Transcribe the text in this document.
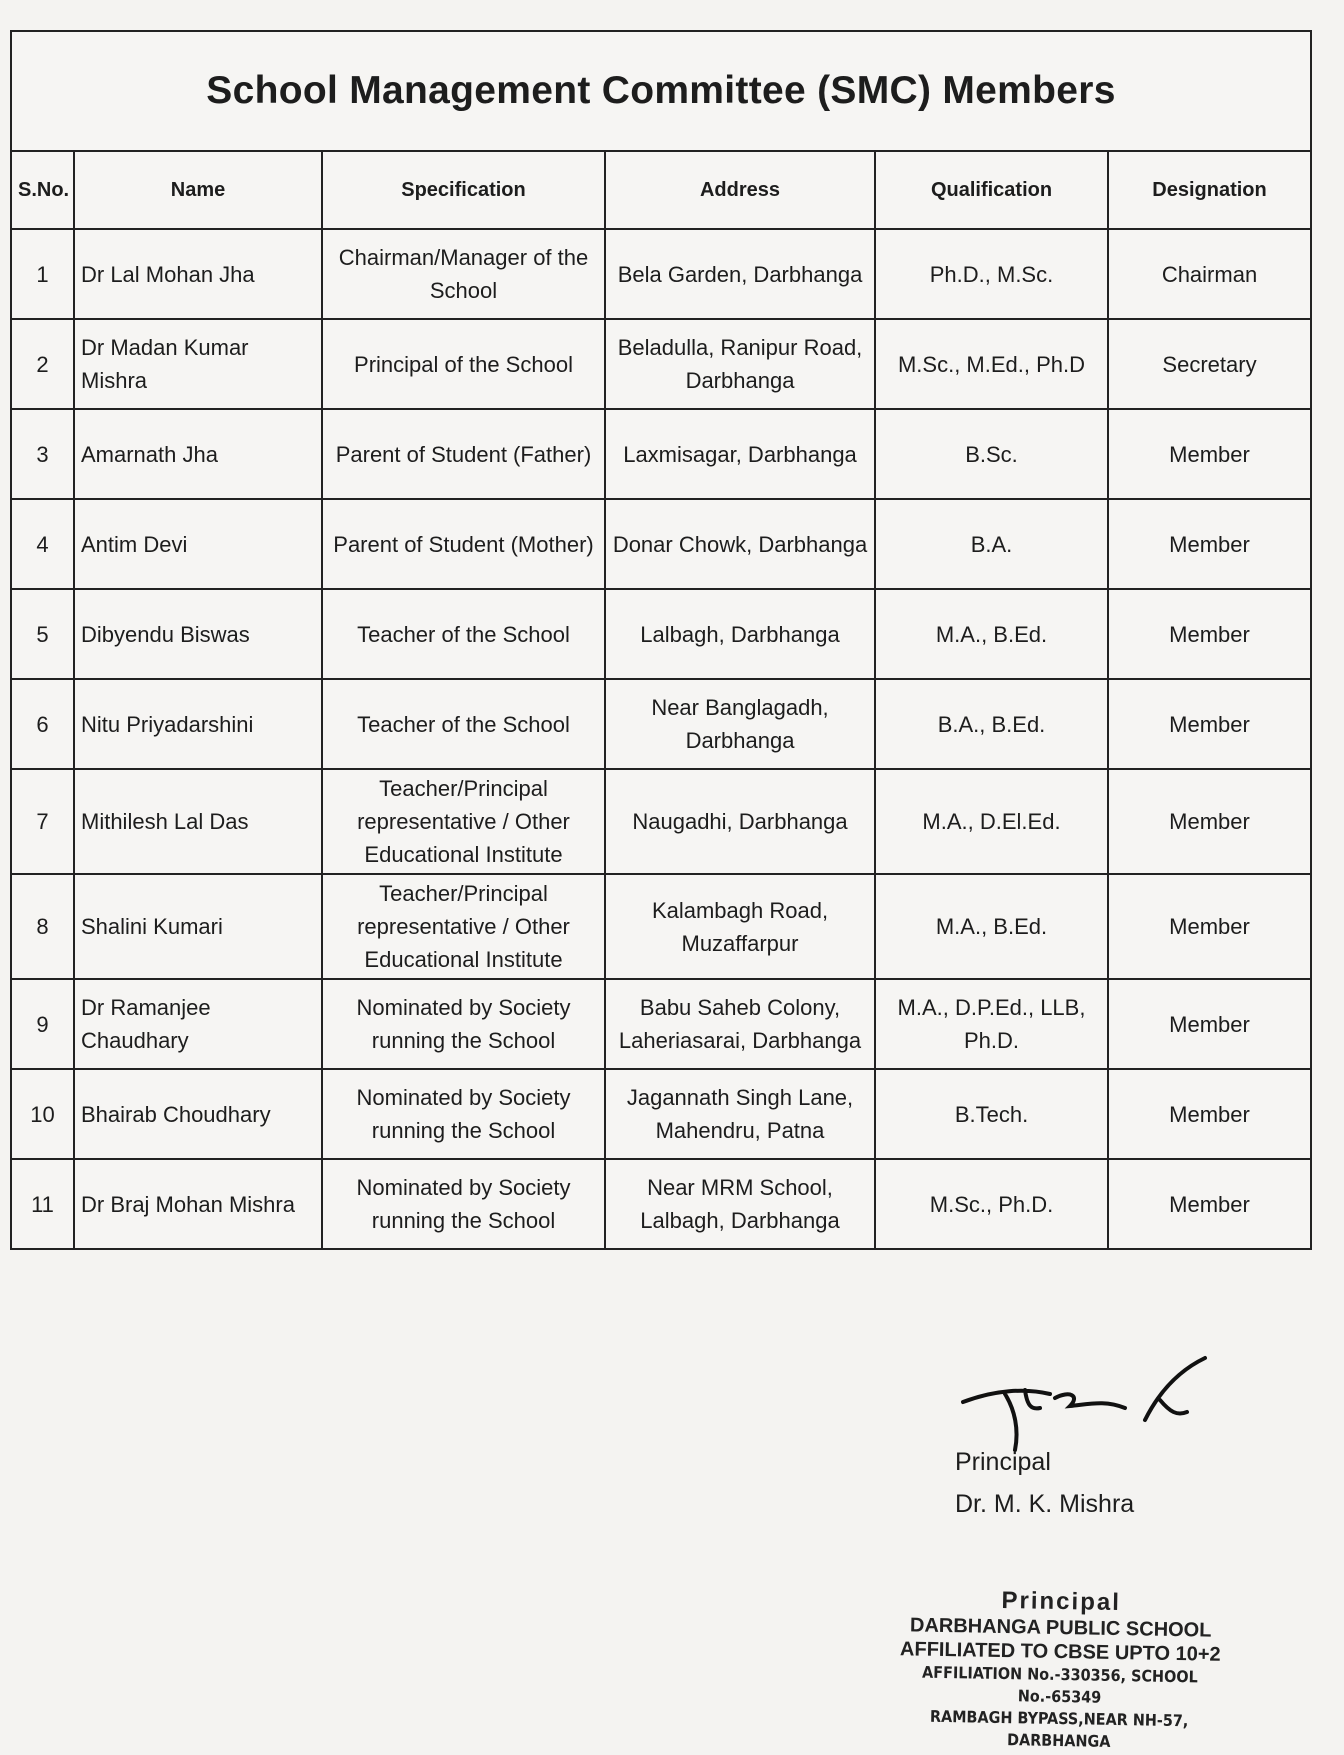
School Management Committee (SMC) Members
S.No.	Name	Specification	Address	Qualification	Designation
1	Dr Lal Mohan Jha	Chairman/Manager of the School	Bela Garden, Darbhanga	Ph.D., M.Sc.	Chairman
2	Dr Madan Kumar Mishra	Principal of the School	Beladulla, Ranipur Road, Darbhanga	M.Sc., M.Ed., Ph.D	Secretary
3	Amarnath Jha	Parent of Student (Father)	Laxmisagar, Darbhanga	B.Sc.	Member
4	Antim Devi	Parent of Student (Mother)	Donar Chowk, Darbhanga	B.A.	Member
5	Dibyendu Biswas	Teacher of the School	Lalbagh, Darbhanga	M.A., B.Ed.	Member
6	Nitu Priyadarshini	Teacher of the School	Near Banglagadh, Darbhanga	B.A., B.Ed.	Member
7	Mithilesh Lal Das	Teacher/Principal representative / Other Educational Institute	Naugadhi, Darbhanga	M.A., D.El.Ed.	Member
8	Shalini Kumari	Teacher/Principal representative / Other Educational Institute	Kalambagh Road, Muzaffarpur	M.A., B.Ed.	Member
9	Dr Ramanjee Chaudhary	Nominated by Society running the School	Babu Saheb Colony, Laheriasarai, Darbhanga	M.A., D.P.Ed., LLB, Ph.D.	Member
10	Bhairab Choudhary	Nominated by Society running the School	Jagannath Singh Lane, Mahendru, Patna	B.Tech.	Member
11	Dr Braj Mohan Mishra	Nominated by Society running the School	Near MRM School, Lalbagh, Darbhanga	M.Sc., Ph.D.	Member
Principal
Dr. M. K. Mishra
Principal
DARBHANGA PUBLIC SCHOOL
AFFILIATED TO CBSE UPTO 10+2
AFFILIATION No.-330356, SCHOOL No.-65349
RAMBAGH BYPASS,NEAR NH-57, DARBHANGA
